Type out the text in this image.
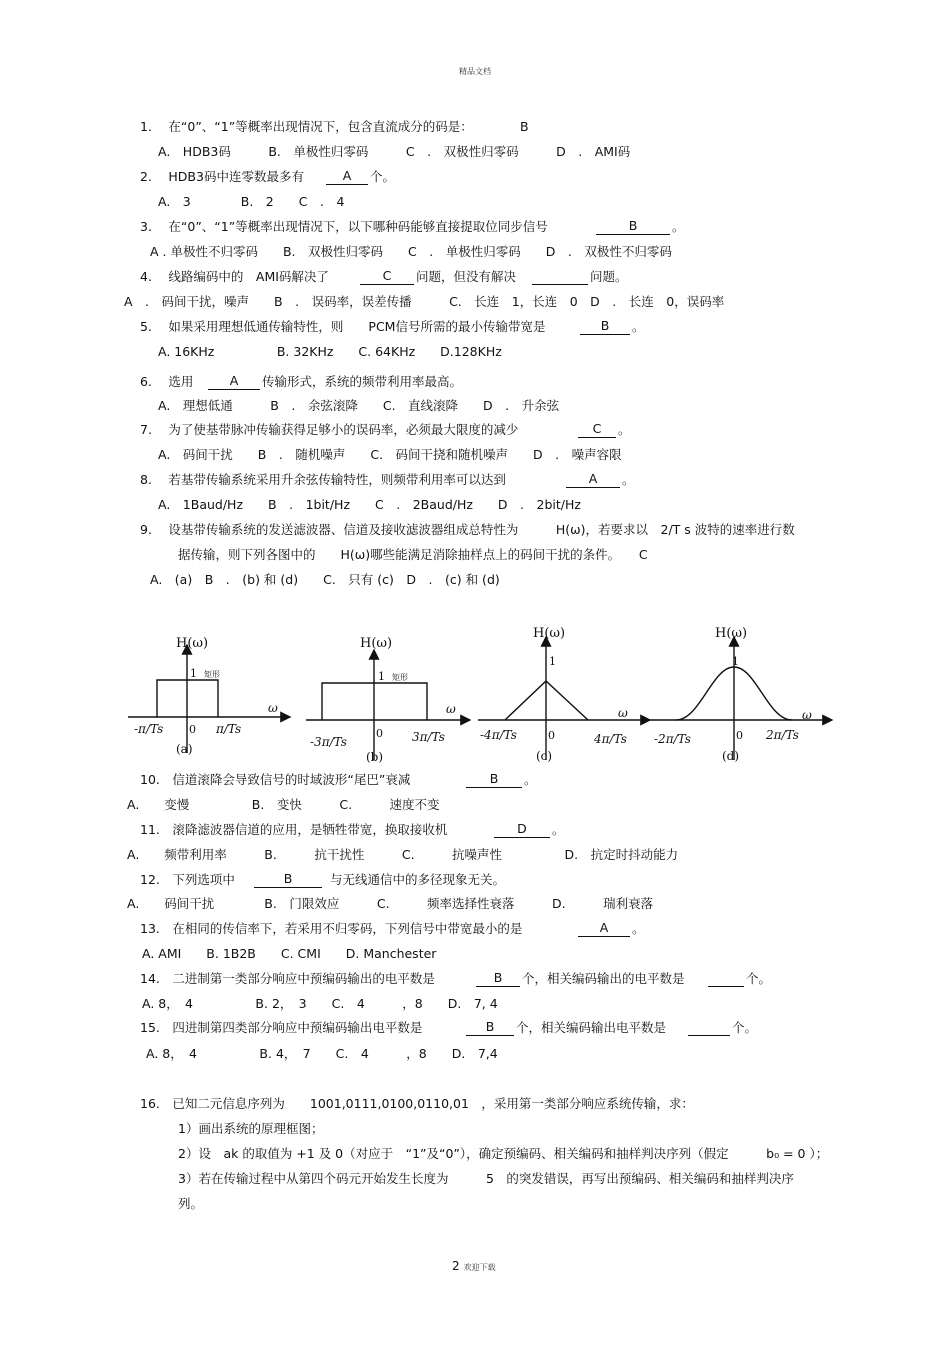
精品文档
1.　 在“0”、“1”等概率出现情况下，包含直流成分的码是：	B
A.　HDB3码　　　B.　单极性归零码　　　C　.　双极性归零码　　　D　.　AMI码
2.　 HDB3码中连零数最多有	个。
A.　3　　　　B.　2　　C　.　4
3.　 在“0”、“1”等概率出现情况下，以下哪种码能够直接提取位同步信号	。
A . 单极性不归零码　　B.　双极性归零码　　C　.　单极性归零码　　D　.　双极性不归零码
4.　 线路编码中的　AMI码解决了	问题，但没有解决	问题。
A　.　码间干扰，噪声　　B　.　误码率，误差传播　　　C.　长连　1，长连　0　D　.　长连　0，误码率
5.　 如果采用理想低通传输特性，则　　PCM信号所需的最小传输带宽是	。
A. 16KHz　　　　　B. 32KHz　　C. 64KHz　　D.128KHz
6.　 选用	传输形式，系统的频带利用率最高。
A.　理想低通　　　B　.　余弦滚降　　C.　直线滚降　　D　.　升余弦
7.　 为了使基带脉冲传输获得足够小的误码率，必须最大限度的减少	。
A.　码间干扰　　B　.　随机噪声　　C.　码间干挠和随机噪声　　D　.　噪声容限
8.　 若基带传输系统采用升余弦传输特性，则频带利用率可以达到	。
A.　1Baud/Hz　　B　.　1bit/Hz　　C　.　2Baud/Hz　　D　.　2bit/Hz
9.　 设基带传输系统的发送滤波器、信道及接收滤波器组成总特性为　　　H(ω)，若要求以　2/T s 波特的速率进行数
据传输，则下列各图中的　　H(ω)哪些能满足消除抽样点上的码间干扰的条件。　　C
A.　(a)　B　.　(b) 和 (d)　　C.　只有 (c)　D　.　(c) 和 (d)
10.　信道滚降会导致信号的时域波形“尾巴”衰减	。
A.　　变慢　　　　　B.　变快　　　C.　　　速度不变
11.　滚降滤波器信道的应用，是牺牲带宽，换取接收机	。
A.　　频带利用率　　　B.　　　抗干扰性　　　C.　　　抗噪声性　　　　　D.　抗定时抖动能力
12.　下列选项中	与无线通信中的多径现象无关。
A.　　码间干扰　　　　B.　门限效应　　　C.　　　频率选择性衰落　　　D.　　　瑞利衰落
13.　在相同的传信率下，若采用不归零码，下列信号中带宽最小的是	。
A. AMI　　B. 1B2B　　C. CMI　　D. Manchester
14.　二进制第一类部分响应中预编码输出的电平数是	个，相关编码输出的电平数是	个。
A. 8，　4　　　　　B. 2，　3　　C.　4　　　，8　　D.　7, 4
15.　四进制第四类部分响应中预编码输出电平数是	个，相关编码输出电平数是	个。
A. 8，　4　　　　　B. 4，　7　　C.　4　　　，8　　D.　7,4
16.　已知二元信息序列为　　1001,0111,0100,0110,01　，采用第一类部分响应系统传输，求：
1）画出系统的原理框图；
2）设　ak 的取值为 +1 及 0（对应于　“1”及“0”），确定预编码、相关编码和抽样判决序列（假定　　　b₀ = 0 ）；
3）若在传输过程中从第四个码元开始发生长度为　　　5　的突发错误，再写出预编码、相关编码和抽样判决序
列。
A
B
C
B
A
C
A
B
D
B
A
B
B
H(ω)
1 矩形
0
-π/Ts	π/Ts
ω
(a)
H(ω)
1 矩形
0
-3π/Ts	3π/Ts
ω
(b)
H(ω)
1
0
-4π/Ts	4π/Ts
ω
(c)
H(ω)
1
0
-2π/Ts	2π/Ts
ω
(d)
2 欢迎下载
